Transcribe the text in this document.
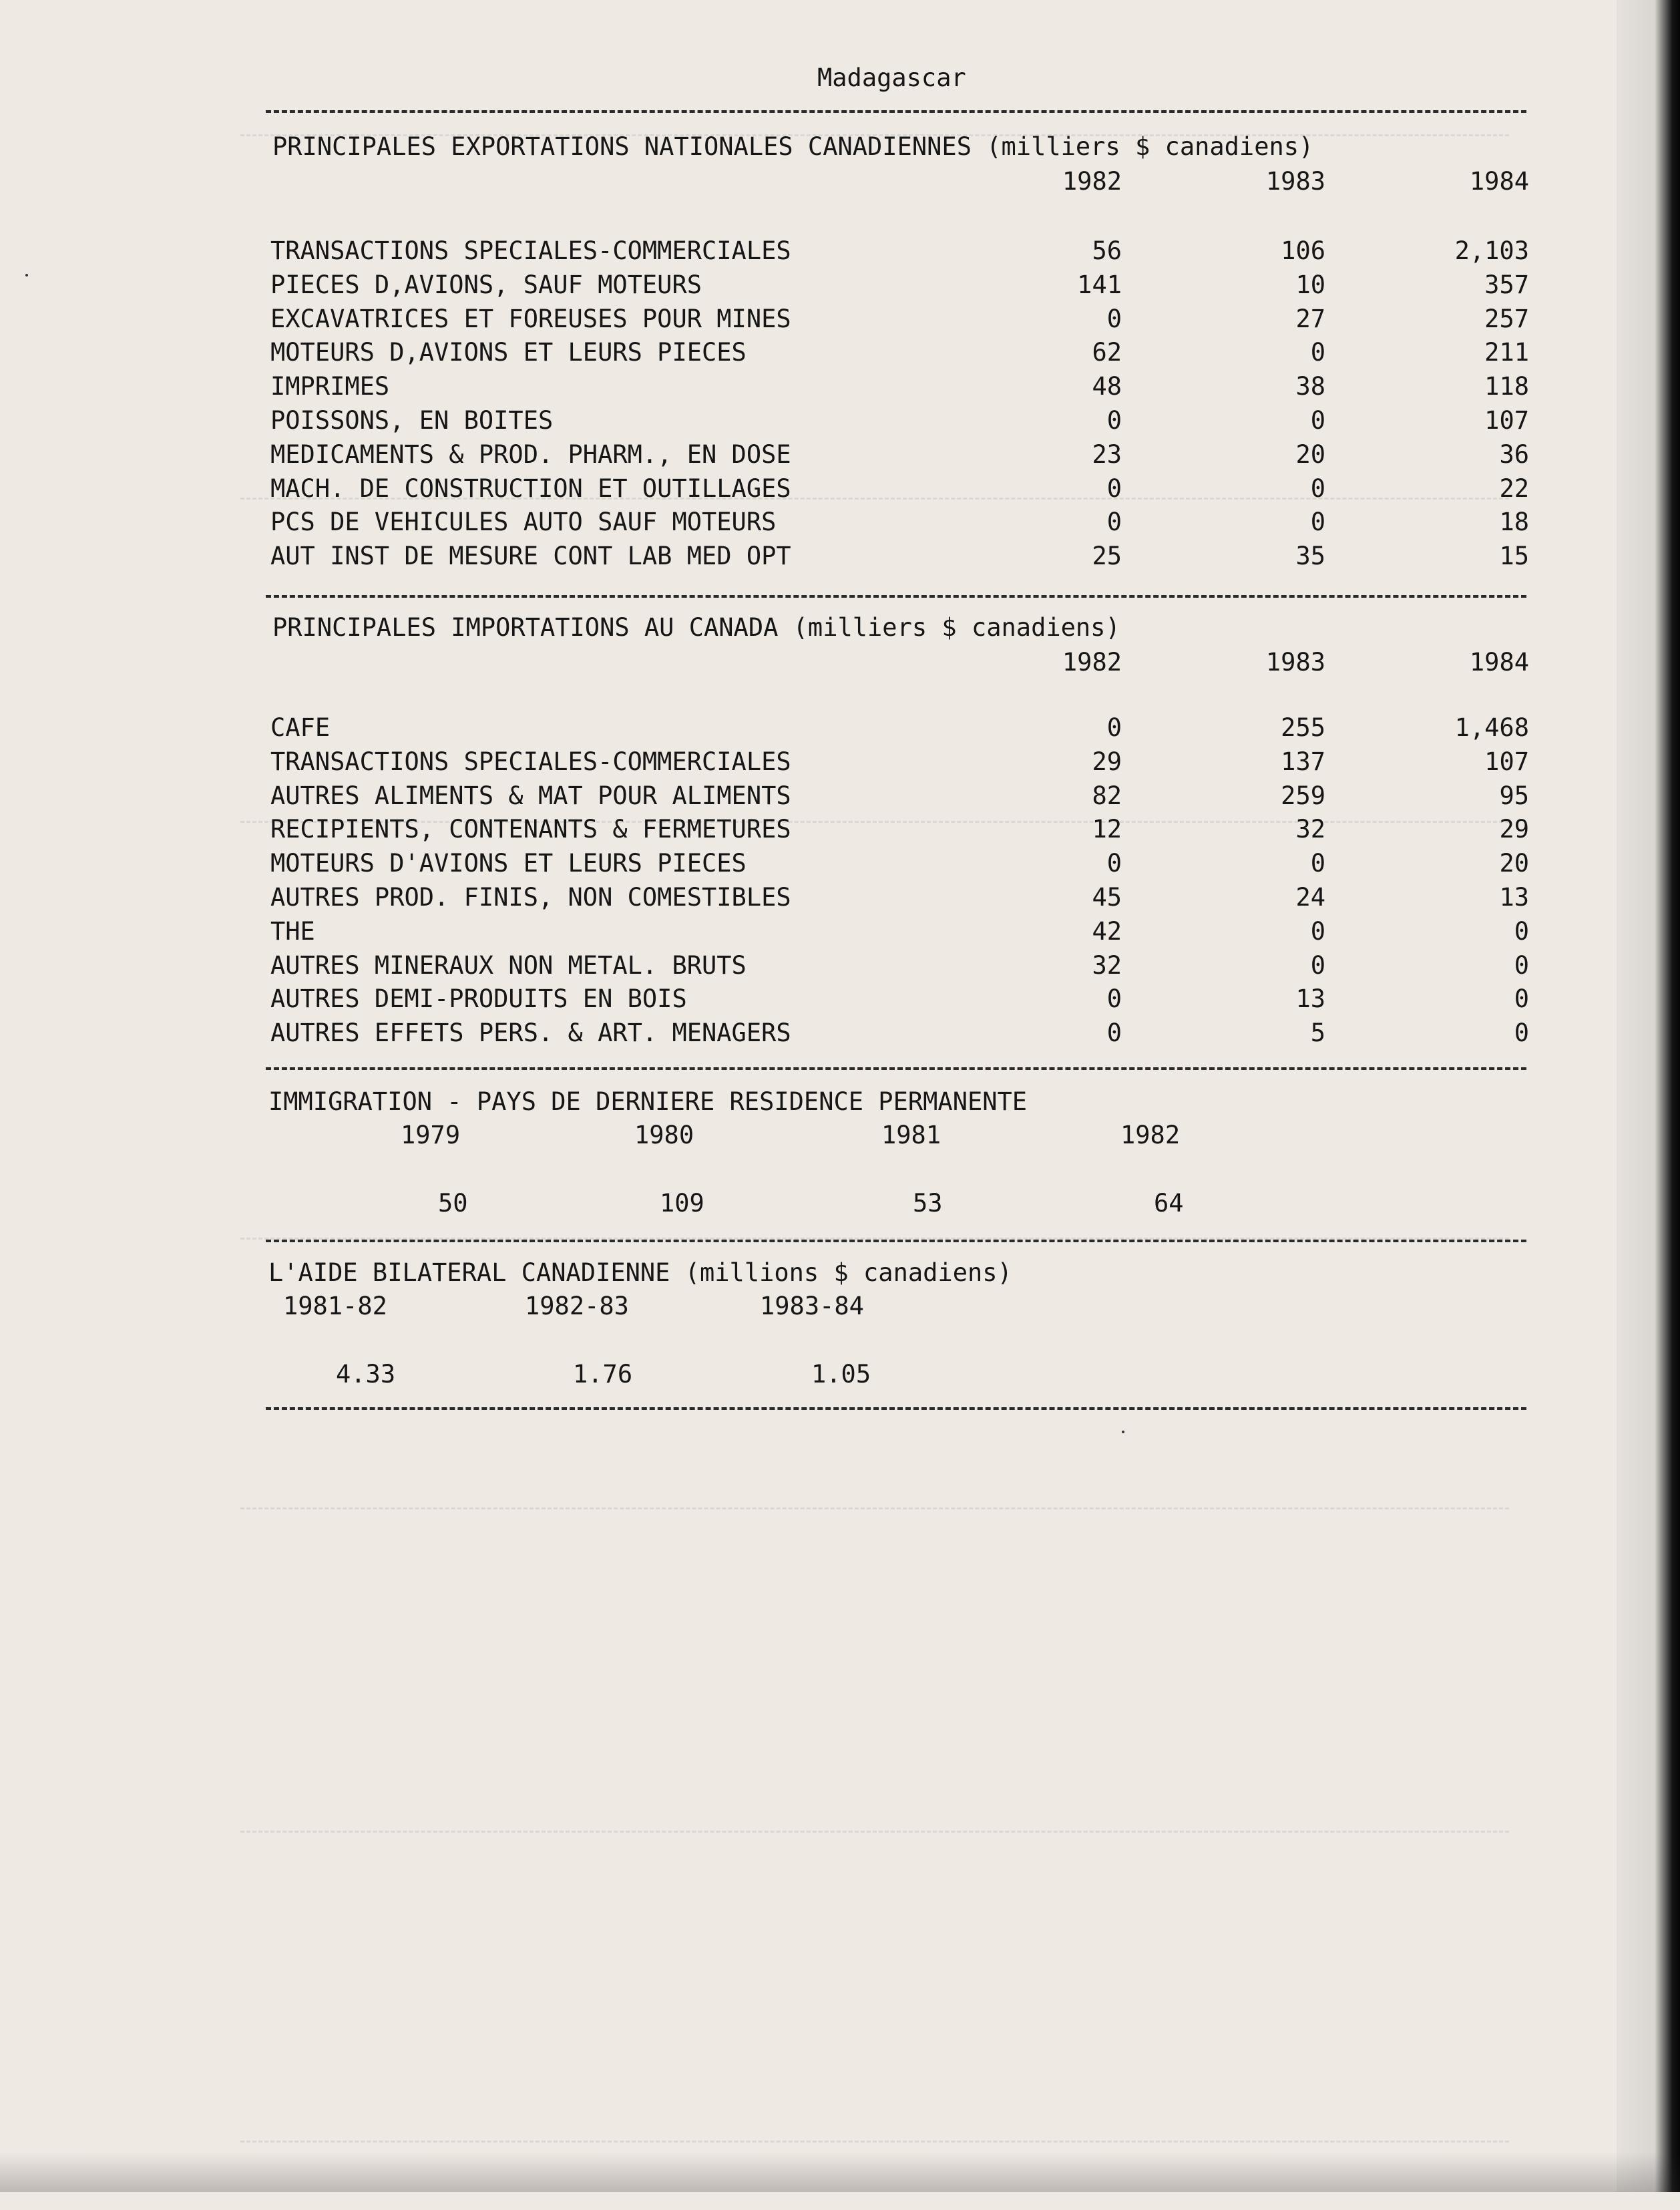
Madagascar
PRINCIPALES EXPORTATIONS NATIONALES CANADIENNES (milliers $ canadiens)
1982	1983	1984
TRANSACTIONS SPECIALES-COMMERCIALES	56	106	2,103
PIECES D,AVIONS, SAUF MOTEURS	141	10	357
EXCAVATRICES ET FOREUSES POUR MINES	0	27	257
MOTEURS D,AVIONS ET LEURS PIECES	62	0	211
IMPRIMES	48	38	118
POISSONS, EN BOITES	0	0	107
MEDICAMENTS & PROD. PHARM., EN DOSE	23	20	36
MACH. DE CONSTRUCTION ET OUTILLAGES	0	0	22
PCS DE VEHICULES AUTO SAUF MOTEURS	0	0	18
AUT INST DE MESURE CONT LAB MED OPT	25	35	15
PRINCIPALES IMPORTATIONS AU CANADA (milliers $ canadiens)
1982	1983	1984
CAFE	0	255	1,468
TRANSACTIONS SPECIALES-COMMERCIALES	29	137	107
AUTRES ALIMENTS & MAT POUR ALIMENTS	82	259	95
RECIPIENTS, CONTENANTS & FERMETURES	12	32	29
MOTEURS D'AVIONS ET LEURS PIECES	0	0	20
AUTRES PROD. FINIS, NON COMESTIBLES	45	24	13
THE	42	0	0
AUTRES MINERAUX NON METAL. BRUTS	32	0	0
AUTRES DEMI-PRODUITS EN BOIS	0	13	0
AUTRES EFFETS PERS. & ART. MENAGERS	0	5	0
IMMIGRATION - PAYS DE DERNIERE RESIDENCE PERMANENTE
1979	1980	1981	1982
50	109	53	64
L'AIDE BILATERAL CANADIENNE (millions $ canadiens)
1981-82	1982-83	1983-84
4.33	1.76	1.05
